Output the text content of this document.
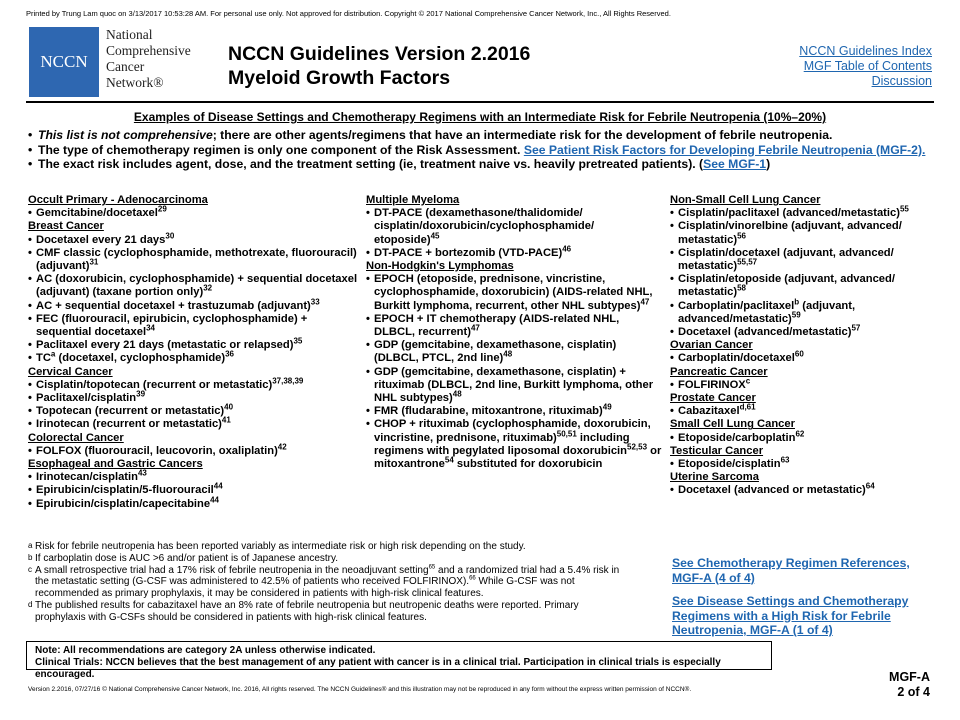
Printed by Trung Lam quoc on 3/13/2017 10:53:28 AM. For personal use only. Not approved for distribution. Copyright © 2017 National Comprehensive Cancer Network, Inc., All Rights Reserved.
NCCN
National
Comprehensive
Cancer
Network®
NCCN Guidelines Version 2.2016
Myeloid Growth Factors
NCCN Guidelines Index
MGF Table of Contents
Discussion
Examples of Disease Settings and Chemotherapy Regimens with an Intermediate Risk for Febrile Neutropenia (10%–20%)
• This list is not comprehensive; there are other agents/regimens that have an intermediate risk for the development of febrile neutropenia.
• The type of chemotherapy regimen is only one component of the Risk Assessment. See Patient Risk Factors for Developing Febrile Neutropenia (MGF-2).
• The exact risk includes agent, dose, and the treatment setting (ie, treatment naive vs. heavily pretreated patients). (See MGF-1)
Occult Primary - Adenocarcinoma
• Gemcitabine/docetaxel$^{29}$
Breast Cancer
• Docetaxel every 21 days$^{30}$
• CMF classic (cyclophosphamide, methotrexate, fluorouracil) (adjuvant)$^{31}$
• AC (doxorubicin, cyclophosphamide) + sequential docetaxel (adjuvant) (taxane portion only)$^{32}$
• AC + sequential docetaxel + trastuzumab (adjuvant)$^{33}$
• FEC (fluorouracil, epirubicin, cyclophosphamide) + sequential docetaxel$^{34}$
• Paclitaxel every 21 days (metastatic or relapsed)$^{35}$
• $TC^a$ (docetaxel, cyclophosphamide)$^{36}$
Cervical Cancer
• Cisplatin/topotecan (recurrent or metastatic)$^{37,38,39}$
• Paclitaxel/cisplatin$^{39}$
• Topotecan (recurrent or metastatic)$^{40}$
• Irinotecan (recurrent or metastatic)$^{41}$
Colorectal Cancer
• FOLFOX (fluorouracil, leucovorin, oxaliplatin)$^{42}$
Esophageal and Gastric Cancers
• Irinotecan/cisplatin$^{43}$
• Epirubicin/cisplatin/5-fluorouracil$^{44}$
• Epirubicin/cisplatin/capecitabine$^{44}$
Multiple Myeloma
• DT-PACE (dexamethasone/thalidomide/ cisplatin/doxorubicin/cyclophosphamide/ etoposide)$^{45}$
• DT-PACE + bortezomib (VTD-PACE)$^{46}$
Non-Hodgkin's Lymphomas
• EPOCH (etoposide, prednisone, vincristine, cyclophosphamide, doxorubicin) (AIDS-related NHL, Burkitt lymphoma, recurrent, other NHL subtypes)$^{47}$
• EPOCH + IT chemotherapy (AIDS-related NHL, DLBCL, recurrent)$^{47}$
• GDP (gemcitabine, dexamethasone, cisplatin) (DLBCL, PTCL, 2nd line)$^{48}$
• GDP (gemcitabine, dexamethasone, cisplatin) + rituximab (DLBCL, 2nd line, Burkitt lymphoma, other NHL subtypes)$^{48}$
• FMR (fludarabine, mitoxantrone, rituximab)$^{49}$
• CHOP + rituximab (cyclophosphamide, doxorubicin, vincristine, prednisone, rituximab)$^{50,51}$ including regimens with pegylated liposomal doxorubicin$^{52,53}$ or mitoxantrone$^{54}$ substituted for doxorubicin
Non-Small Cell Lung Cancer
• Cisplatin/paclitaxel (advanced/metastatic)$^{55}$
• Cisplatin/vinorelbine (adjuvant, advanced/ metastatic)$^{56}$
• Cisplatin/docetaxel (adjuvant, advanced/ metastatic)$^{55,57}$
• Cisplatin/etoposide (adjuvant, advanced/ metastatic)$^{58}$
• Carboplatin/paclitaxel$^b$ (adjuvant, advanced/metastatic)$^{59}$
• Docetaxel (advanced/metastatic)$^{57}$
Ovarian Cancer
• Carboplatin/docetaxel$^{60}$
Pancreatic Cancer
• FOLFIRINOX$^c$
Prostate Cancer
• Cabazitaxel$^{d,61}$
Small Cell Lung Cancer
• Etoposide/carboplatin$^{62}$
Testicular Cancer
• Etoposide/cisplatin$^{63}$
Uterine Sarcoma
• Docetaxel (advanced or metastatic)$^{64}$
a Risk for febrile neutropenia has been reported variably as intermediate risk or high risk depending on the study.
b If carboplatin dose is AUC >6 and/or patient is of Japanese ancestry.
c A small retrospective trial had a 17% risk of febrile neutropenia in the neoadjuvant setting$^{65}$ and a randomized trial had a 5.4% risk in the metastatic setting (G-CSF was administered to 42.5% of patients who received FOLFIRINOX).$^{66}$ While G-CSF was not recommended as primary prophylaxis, it may be considered in patients with high-risk clinical features.
d The published results for cabazitaxel have an 8% rate of febrile neutropenia but neutropenic deaths were reported. Primary prophylaxis with G-CSFs should be considered in patients with high-risk clinical features.
See Chemotherapy Regimen References, MGF-A (4 of 4)
See Disease Settings and Chemotherapy Regimens with a High Risk for Febrile Neutropenia, MGF-A (1 of 4)
Note: All recommendations are category 2A unless otherwise indicated.
Clinical Trials: NCCN believes that the best management of any patient with cancer is in a clinical trial. Participation in clinical trials is especially encouraged.	MGF-A
2 of 4
Version 2.2016, 07/27/16 © National Comprehensive Cancer Network, Inc. 2016, All rights reserved. The NCCN Guidelines® and this illustration may not be reproduced in any form without the express written permission of NCCN®.
